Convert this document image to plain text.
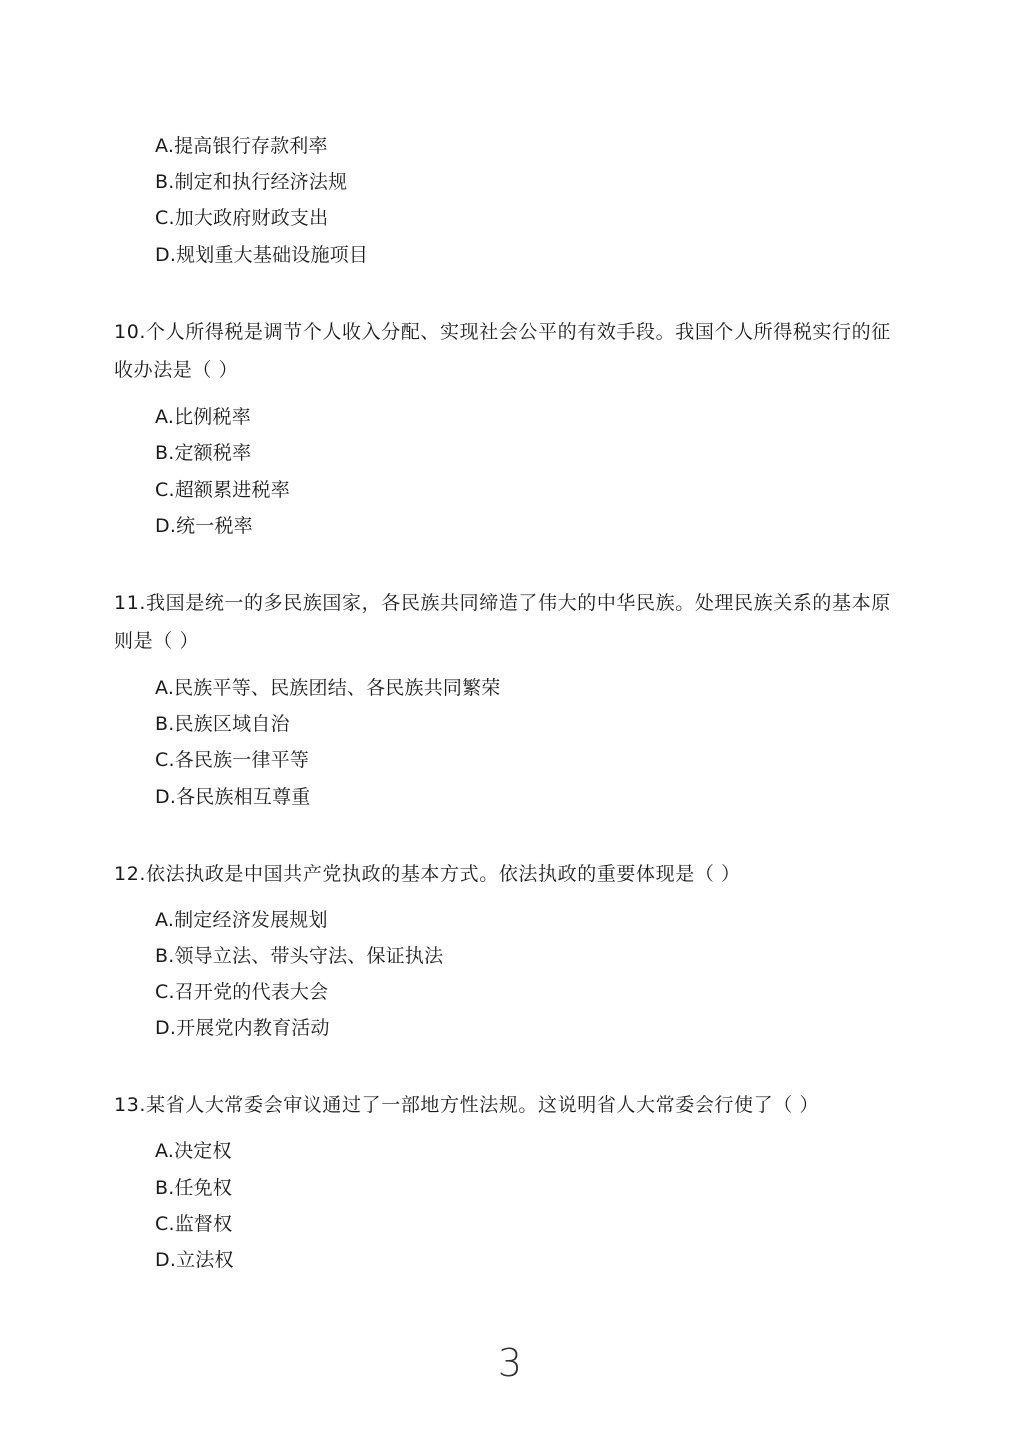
A.提高银行存款利率
B.制定和执行经济法规
C.加大政府财政支出
D.规划重大基础设施项目
10.个人所得税是调节个人收入分配、实现社会公平的有效手段。我国个人所得税实行的征
收办法是（ ）
A.比例税率
B.定额税率
C.超额累进税率
D.统一税率
11.我国是统一的多民族国家，各民族共同缔造了伟大的中华民族。处理民族关系的基本原
则是（ ）
A.民族平等、民族团结、各民族共同繁荣
B.民族区域自治
C.各民族一律平等
D.各民族相互尊重
12.依法执政是中国共产党执政的基本方式。依法执政的重要体现是（ ）
A.制定经济发展规划
B.领导立法、带头守法、保证执法
C.召开党的代表大会
D.开展党内教育活动
13.某省人大常委会审议通过了一部地方性法规。这说明省人大常委会行使了（ ）
A.决定权
B.任免权
C.监督权
D.立法权
3
